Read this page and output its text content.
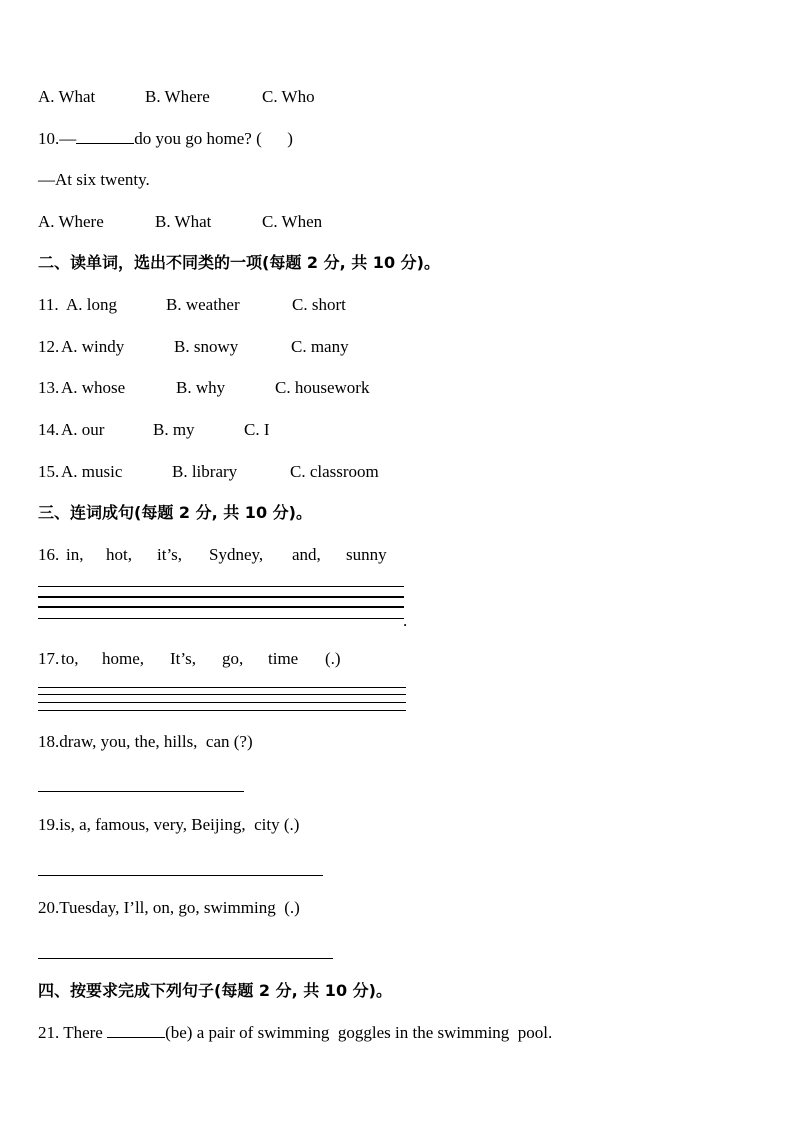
A. What

	B. Where

	C. Who

10.—	do you go home? (      )
—At six twenty.

A. Where

	B. What

	C. When

二、读单词，选出不同类的一项(每题 2 分, 共 10 分)。

11.

A. long

	B. weather

	C. short

12.

A. windy

	B. snowy

	C. many

13.

A. whose

	B. why

	C. housework

14.

A. our

	B. my

	C. I

15.

A. music

	B. library

	C. classroom

三、连词成句(每题 2 分, 共 10 分)。

16.

in,

hot,

it’s,

Sydney,

and,

sunny

.

17.

to,

home,

It’s,

go,

time

(.)

18.draw, you, the, hills,  can (?)
19.is, a, famous, very, Beijing,  city (.)
20.Tuesday, I’ll, on, go, swimming  (.)
四、按要求完成下列句子(每题 2 分, 共 10 分)。
21. There	(be) a pair of swimming  goggles in the swimming  pool.
